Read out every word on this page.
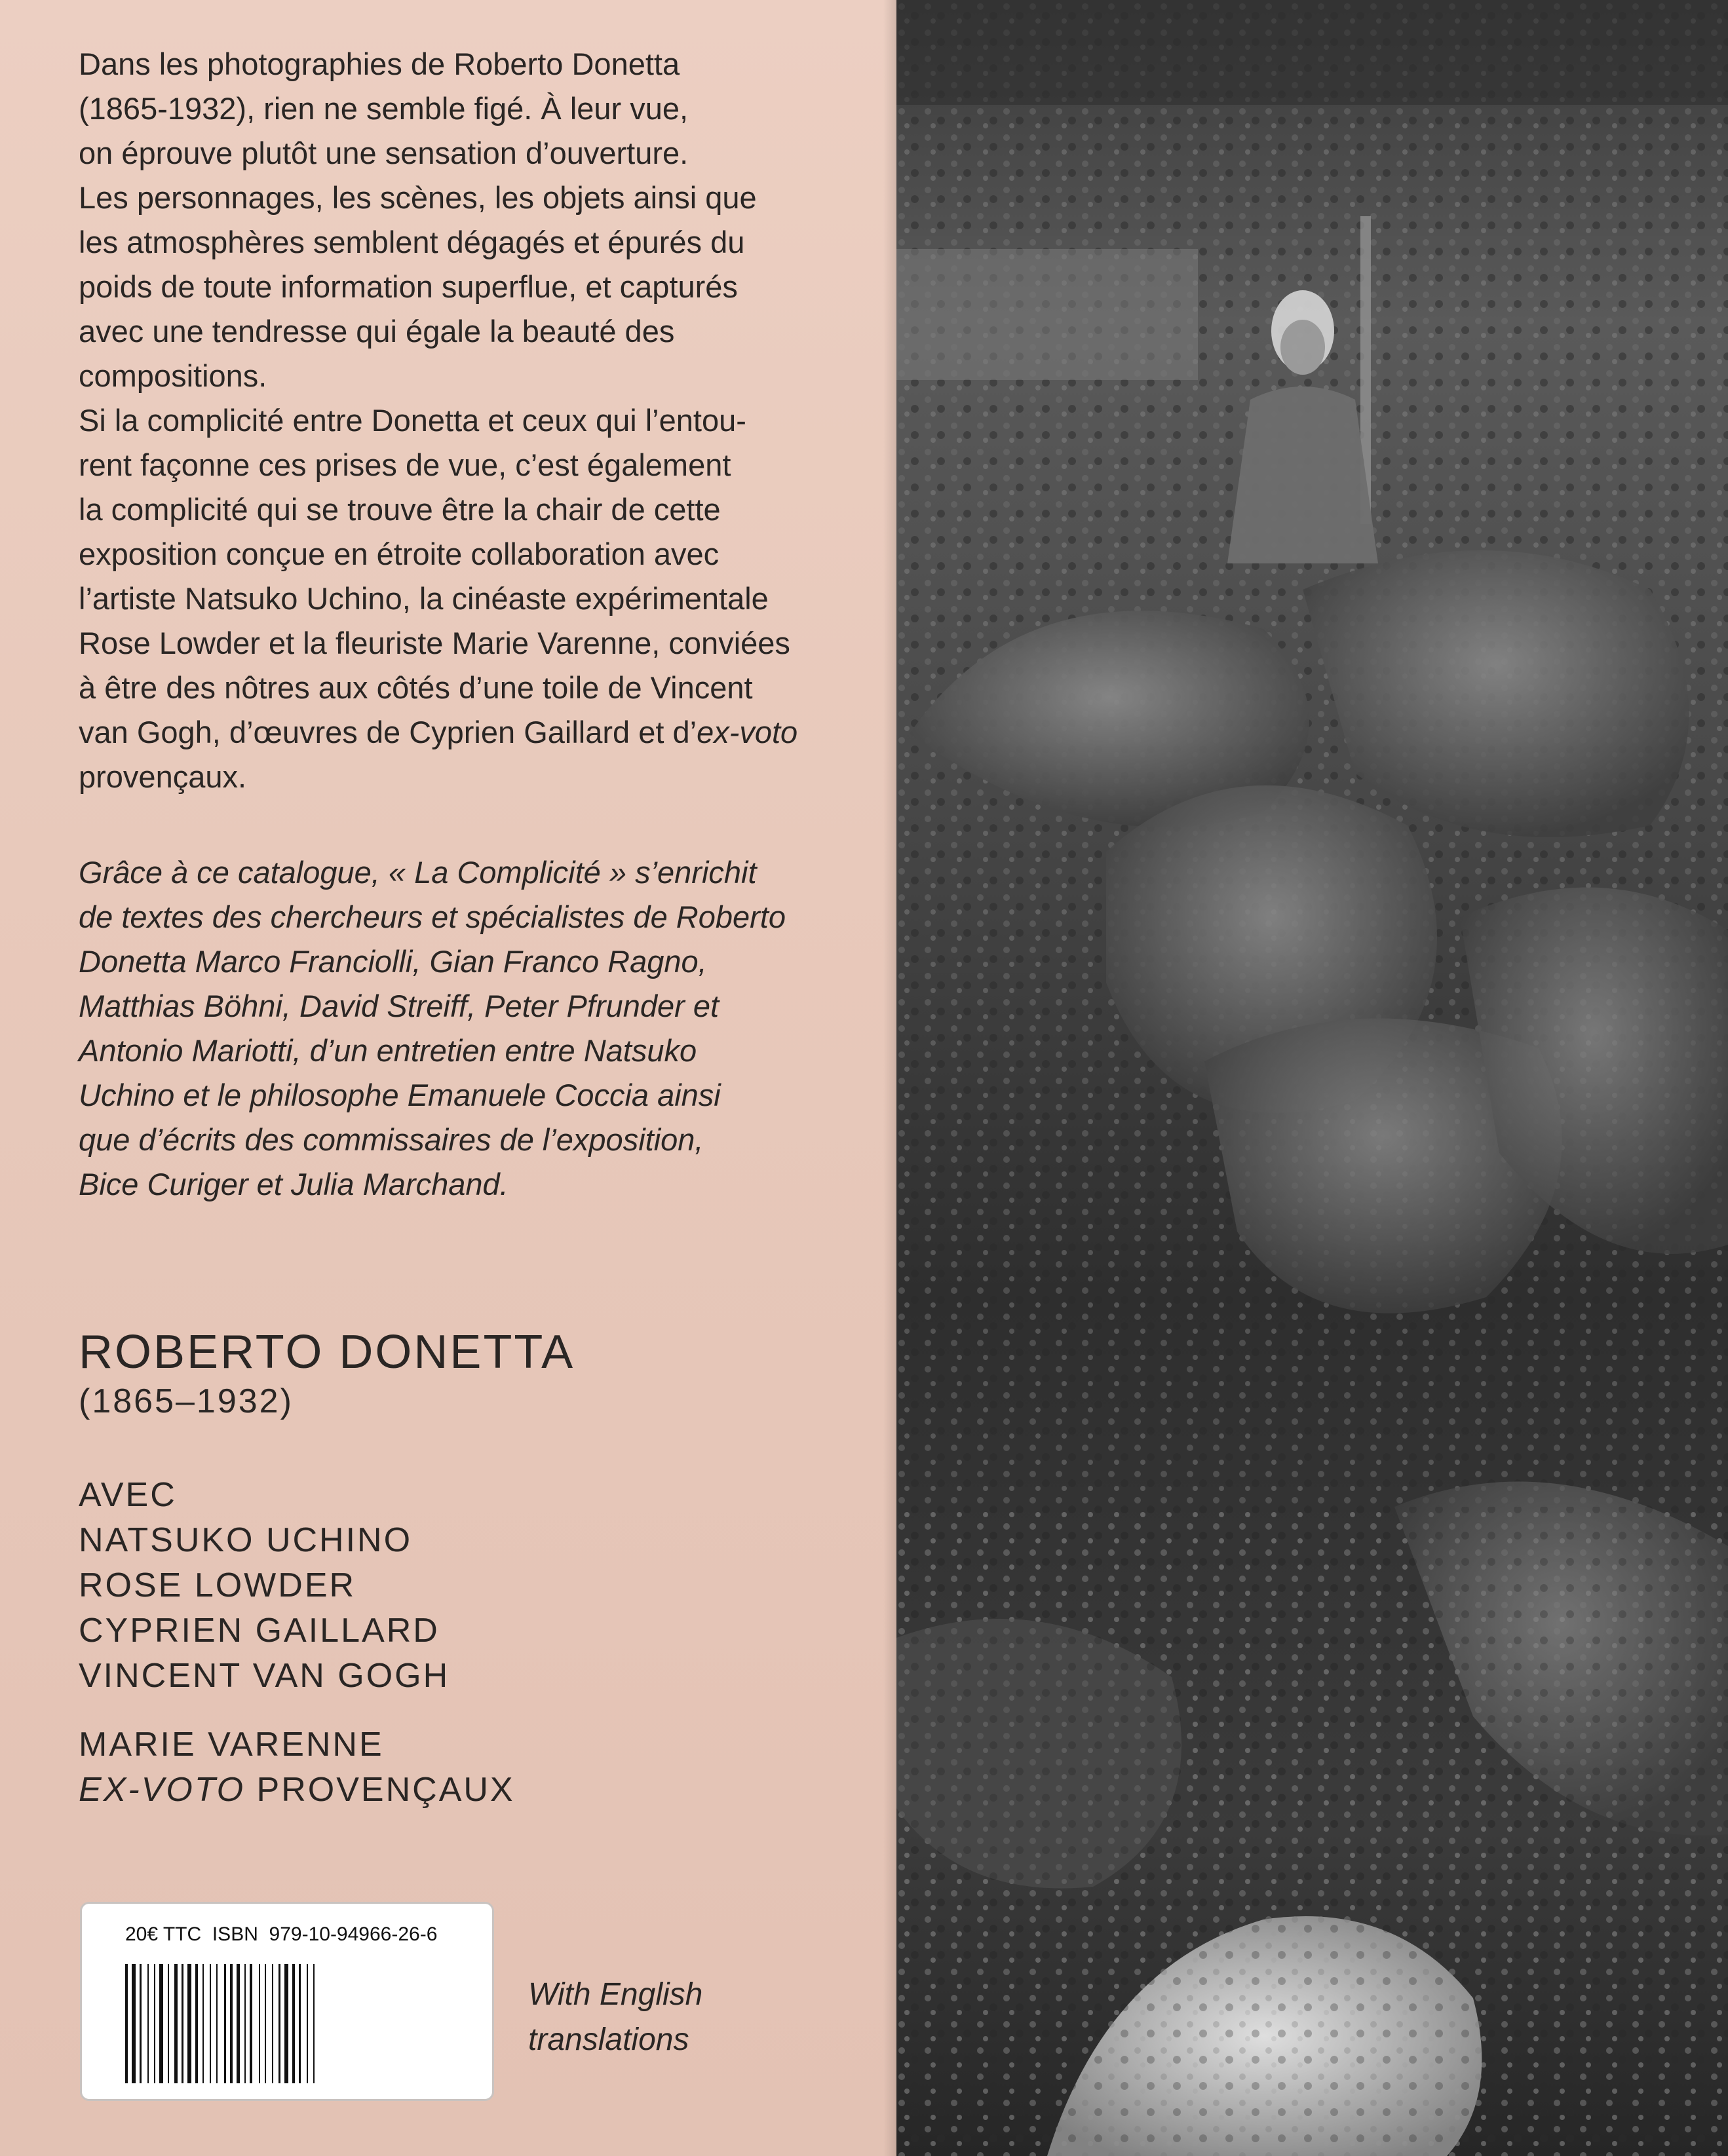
Dans les photographies de Roberto Donetta

(1865-1932), rien ne semble figé. À leur vue,

on éprouve plutôt une sensation d’ouverture.

Les personnages, les scènes, les objets ainsi que

les atmosphères semblent dégagés et épurés du

poids de toute information superflue, et capturés

avec une tendresse qui égale la beauté des

compositions.

Si la complicité entre Donetta et ceux qui l’entou-

rent façonne ces prises de vue, c’est également

la complicité qui se trouve être la chair de cette

exposition conçue en étroite collaboration avec

l’artiste Natsuko Uchino, la cinéaste expérimentale

Rose Lowder et la fleuriste Marie Varenne, conviées

à être des nôtres aux côtés d’une toile de Vincent

van Gogh, d’œuvres de Cyprien Gaillard et d’ex-voto

provençaux.

Grâce à ce catalogue, « La Complicité » s’enrichit
de textes des chercheurs et spécialistes de Roberto
Donetta Marco Franciolli, Gian Franco Ragno,
Matthias Böhni, David Streiff, Peter Pfrunder et
Antonio Mariotti, d’un entretien entre Natsuko
Uchino et le philosophe Emanuele Coccia ainsi
que d’écrits des commissaires de l’exposition,
Bice Curiger et Julia Marchand.
ROBERTO DONETTA
(1865–1932)
AVEC
NATSUKO UCHINO
ROSE LOWDER
CYPRIEN GAILLARD
VINCENT VAN GOGH
MARIE VARENNE
EX-VOTO PROVENÇAUX
20€ TTC ISBN  979-10-94966-26-6
With English
translations
